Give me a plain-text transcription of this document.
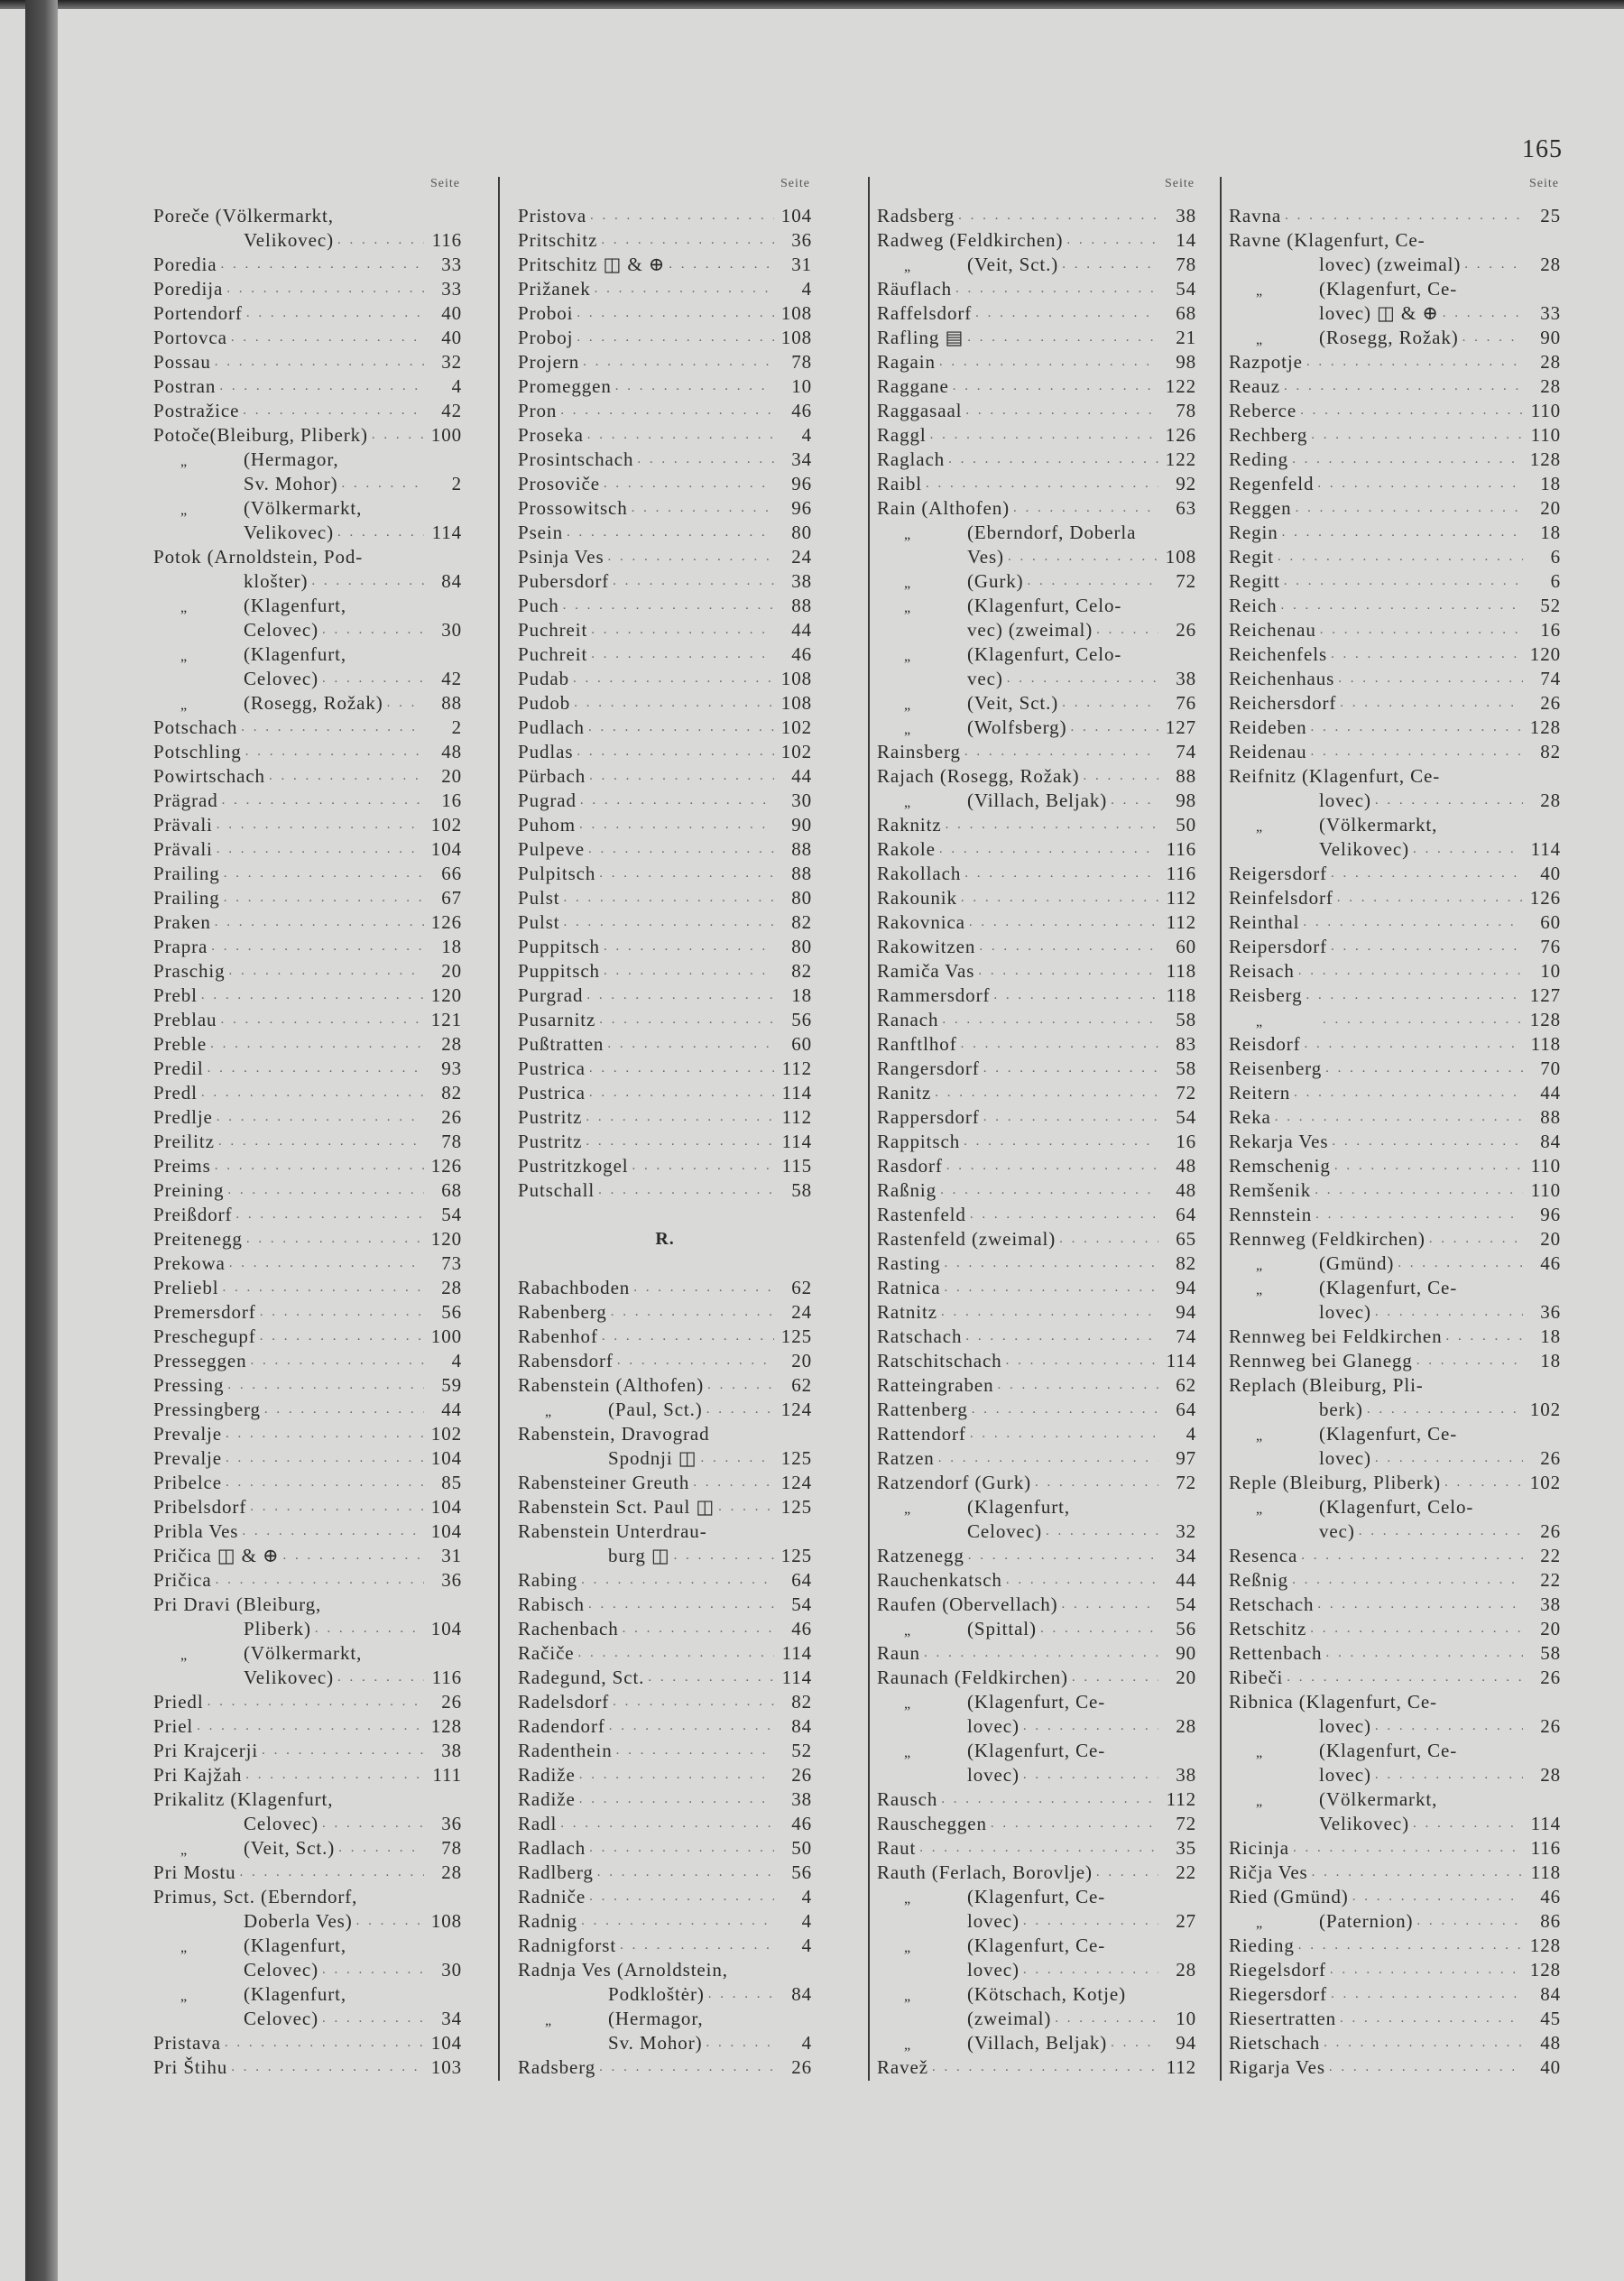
165
Seite
Poreče (Völkermarkt,
Velikovec) . . .	116
Poredia . . .	33
Poredija . . .	33
Portendorf . . .	40
Portovca . . .	40
Possau . . .	32
Postran . . .	4
Postražice . . .	42
Potoče(Bleiburg, Pliberk) . . .	100
„	(Hermagor,
Sv. Mohor) . . .	2
„	(Völkermarkt,
Velikovec) . . .	114
Potok (Arnoldstein, Pod-
klošter) . . .	84
„	(Klagenfurt,
Celovec) . . .	30
„	(Klagenfurt,
Celovec) . . .	42
„	(Rosegg, Rožak) . . .	88
Potschach . . .	2
Potschling . . .	48
Powirtschach . . .	20
Prägrad . . .	16
Prävali . . .	102
Prävali . . .	104
Prailing . . .	66
Prailing . . .	67
Praken . . .	126
Prapra . . .	18
Praschig . . .	20
Prebl . . .	120
Preblau . . .	121
Preble . . .	28
Predil . . .	93
Predl . . .	82
Predlje . . .	26
Preilitz . . .	78
Preims . . .	126
Preining . . .	68
Preißdorf . . .	54
Preitenegg . . .	120
Prekowa . . .	73
Preliebl . . .	28
Premersdorf . . .	56
Preschegupf . . .	100
Presseggen . . .	4
Pressing . . .	59
Pressingberg . . .	44
Prevalje . . .	102
Prevalje . . .	104
Pribelce . . .	85
Pribelsdorf . . .	104
Pribla Ves . . .	104
Pričica ◫ & ⊕ . . .	31
Pričica . . .	36
Pri Dravi (Bleiburg,
Pliberk) . . .	104
„	(Völkermarkt,
Velikovec) . . .	116
Priedl . . .	26
Priel . . .	128
Pri Krajcerji . . .	38
Pri Kajžah . . .	111
Prikalitz (Klagenfurt,
Celovec) . . .	36
„	(Veit, Sct.) . . .	78
Pri Mostu . . .	28
Primus, Sct. (Eberndorf,
Doberla Ves) . . .	108
„	(Klagenfurt,
Celovec) . . .	30
„	(Klagenfurt,
Celovec) . . .	34
Pristava . . .	104
Pri Štihu . . .	103
Seite
Pristova . . .	104
Pritschitz . . .	36
Pritschitz ◫ & ⊕ . . .	31
Prižanek . . .	4
Proboi . . .	108
Proboj . . .	108
Projern . . .	78
Promeggen . . .	10
Pron . . .	46
Proseka . . .	4
Prosintschach . . .	34
Prosoviče . . .	96
Prossowitsch . . .	96
Psein . . .	80
Psinja Ves . . .	24
Pubersdorf . . .	38
Puch . . .	88
Puchreit . . .	44
Puchreit . . .	46
Pudab . . .	108
Pudob . . .	108
Pudlach . . .	102
Pudlas . . .	102
Pürbach . . .	44
Pugrad . . .	30
Puhom . . .	90
Pulpeve . . .	88
Pulpitsch . . .	88
Pulst . . .	80
Pulst . . .	82
Puppitsch . . .	80
Puppitsch . . .	82
Purgrad . . .	18
Pusarnitz . . .	56
Pußtratten . . .	60
Pustrica . . .	112
Pustrica . . .	114
Pustritz . . .	112
Pustritz . . .	114
Pustritzkogel . . .	115
Putschall . . .	58
R.
Rabachboden . . .	62
Rabenberg . . .	24
Rabenhof . . .	125
Rabensdorf . . .	20
Rabenstein (Althofen) . . .	62
„	(Paul, Sct.) . . .	124
Rabenstein, Dravograd
Spodnji ◫ . . .	125
Rabensteiner Greuth . . .	124
Rabenstein Sct. Paul ◫ . . .	125
Rabenstein Unterdrau-
burg ◫ . . .	125
Rabing . . .	64
Rabisch . . .	54
Rachenbach . . .	46
Račiče . . .	114
Radegund, Sct. . . .	114
Radelsdorf . . .	82
Radendorf . . .	84
Radenthein . . .	52
Radiže . . .	26
Radiže . . .	38
Radl . . .	46
Radlach . . .	50
Radlberg . . .	56
Radniče . . .	4
Radnig . . .	4
Radnigforst . . .	4
Radnja Ves (Arnoldstein,
Podkloštėr) . . .	84
„	(Hermagor,
Sv. Mohor) . . .	4
Radsberg . . .	26
Seite
Radsberg . . .	38
Radweg (Feldkirchen) . . .	14
„	(Veit, Sct.) . . .	78
Räuflach . . .	54
Raffelsdorf . . .	68
Rafling ▤ . . .	21
Ragain . . .	98
Raggane . . .	122
Raggasaal . . .	78
Raggl . . .	126
Raglach . . .	122
Raibl . . .	92
Rain (Althofen) . . .	63
„	(Eberndorf, Doberla
Ves) . . .	108
„	(Gurk) . . .	72
„	(Klagenfurt, Celo-
vec) (zweimal) . . .	26
„	(Klagenfurt, Celo-
vec) . . .	38
„	(Veit, Sct.) . . .	76
„	(Wolfsberg) . . .	127
Rainsberg . . .	74
Rajach (Rosegg, Rožak) . . .	88
„	(Villach, Beljak) . . .	98
Raknitz . . .	50
Rakole . . .	116
Rakollach . . .	116
Rakounik . . .	112
Rakovnica . . .	112
Rakowitzen . . .	60
Ramiča Vas . . .	118
Rammersdorf . . .	118
Ranach . . .	58
Ranftlhof . . .	83
Rangersdorf . . .	58
Ranitz . . .	72
Rappersdorf . . .	54
Rappitsch . . .	16
Rasdorf . . .	48
Raßnig . . .	48
Rastenfeld . . .	64
Rastenfeld (zweimal) . . .	65
Rasting . . .	82
Ratnica . . .	94
Ratnitz . . .	94
Ratschach . . .	74
Ratschitschach . . .	114
Ratteingraben . . .	62
Rattenberg . . .	64
Rattendorf . . .	4
Ratzen . . .	97
Ratzendorf (Gurk) . . .	72
„	(Klagenfurt,
Celovec) . . .	32
Ratzenegg . . .	34
Rauchenkatsch . . .	44
Raufen (Obervellach) . . .	54
„	(Spittal) . . .	56
Raun . . .	90
Raunach (Feldkirchen) . . .	20
„	(Klagenfurt, Ce-
lovec) . . .	28
„	(Klagenfurt, Ce-
lovec) . . .	38
Rausch . . .	112
Rauscheggen . . .	72
Raut . . .	35
Rauth (Ferlach, Borovlje) . . .	22
„	(Klagenfurt, Ce-
lovec) . . .	27
„	(Klagenfurt, Ce-
lovec) . . .	28
„	(Kötschach, Kotje)
(zweimal) . . .	10
„	(Villach, Beljak) . . .	94
Ravež . . .	112
Seite
Ravna . . .	25
Ravne (Klagenfurt, Ce-
lovec) (zweimal) . . .	28
„	(Klagenfurt, Ce-
lovec) ◫ & ⊕ . . .	33
„	(Rosegg, Rožak) . . .	90
Razpotje . . .	28
Reauz . . .	28
Reberce . . .	110
Rechberg . . .	110
Reding . . .	128
Regenfeld . . .	18
Reggen . . .	20
Regin . . .	18
Regit . . .	6
Regitt . . .	6
Reich . . .	52
Reichenau . . .	16
Reichenfels . . .	120
Reichenhaus . . .	74
Reichersdorf . . .	26
Reideben . . .	128
Reidenau . . .	82
Reifnitz (Klagenfurt, Ce-
lovec) . . .	28
„	(Völkermarkt,
Velikovec) . . .	114
Reigersdorf . . .	40
Reinfelsdorf . . .	126
Reinthal . . .	60
Reipersdorf . . .	76
Reisach . . .	10
Reisberg . . .	127
„ . . .	128
Reisdorf . . .	118
Reisenberg . . .	70
Reitern . . .	44
Reka . . .	88
Rekarja Ves . . .	84
Remschenig . . .	110
Remšenik . . .	110
Rennstein . . .	96
Rennweg (Feldkirchen) . . .	20
„	(Gmünd) . . .	46
„	(Klagenfurt, Ce-
lovec) . . .	36
Rennweg bei Feldkirchen . . .	18
Rennweg bei Glanegg . . .	18
Replach (Bleiburg, Pli-
berk) . . .	102
„	(Klagenfurt, Ce-
lovec) . . .	26
Reple (Bleiburg, Pliberk) . . .	102
„	(Klagenfurt, Celo-
vec) . . .	26
Resenca . . .	22
Reßnig . . .	22
Retschach . . .	38
Retschitz . . .	20
Rettenbach . . .	58
Ribeči . . .	26
Ribnica (Klagenfurt, Ce-
lovec) . . .	26
„	(Klagenfurt, Ce-
lovec) . . .	28
„	(Völkermarkt,
Velikovec) . . .	114
Ricinja . . .	116
Ričja Ves . . .	118
Ried (Gmünd) . . .	46
„	(Paternion) . . .	86
Rieding . . .	128
Riegelsdorf . . .	128
Riegersdorf . . .	84
Riesertratten . . .	45
Rietschach . . .	48
Rigarja Ves . . .	40
